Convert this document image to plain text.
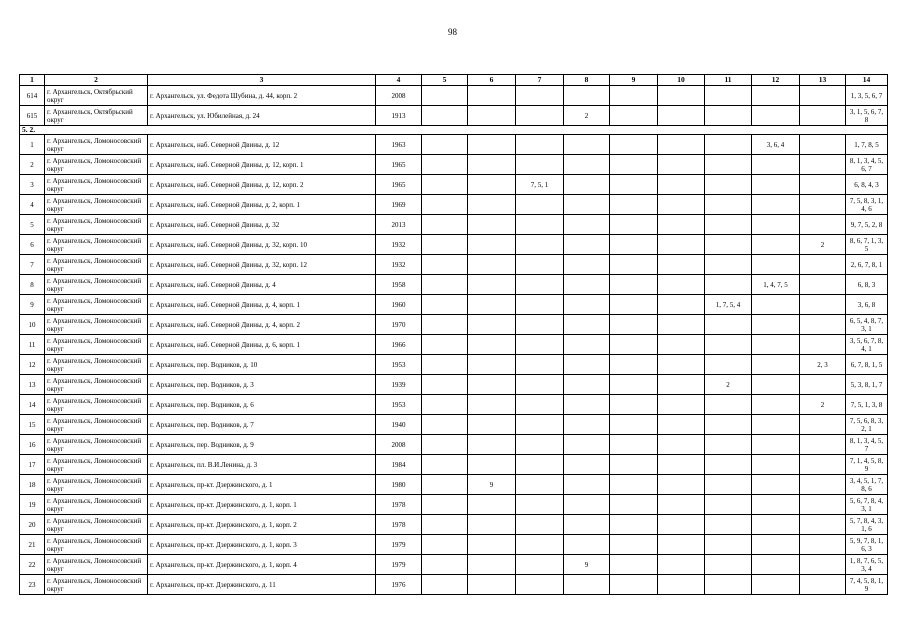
98
1	2	3	4	5	6	7	8	9	10	11	12	13	14
614	г. Архангельск, Октябрьский округ	г. Архангельск, ул. Федота Шубина, д. 44, корп. 2	2008										1, 3, 5, 6, 7
615	г. Архангельск, Октябрьский округ	г. Архангельск, ул. Юбилейная, д. 24	1913				2						3, 1, 5, 6, 7, 8
5. 2.													
1	г. Архангельск, Ломоносовский округ	г. Архангельск, наб. Северной Двины, д. 12	1963								3, 6, 4		1, 7, 8, 5
2	г. Архангельск, Ломоносовский округ	г. Архангельск, наб. Северной Двины, д. 12, корп. 1	1965										8, 1, 3, 4, 5, 6, 7
3	г. Архангельск, Ломоносовский округ	г. Архангельск, наб. Северной Двины, д. 12, корп. 2	1965			7, 5, 1							6, 8, 4, 3
4	г. Архангельск, Ломоносовский округ	г. Архангельск, наб. Северной Двины, д. 2, корп. 1	1969										7, 5, 8, 3, 1, 4, 6
5	г. Архангельск, Ломоносовский округ	г. Архангельск, наб. Северной Двины, д. 32	2013										9, 7, 5, 2, 8
6	г. Архангельск, Ломоносовский округ	г. Архангельск, наб. Северной Двины, д. 32, корп. 10	1932									2	8, 6, 7, 1, 3, 5
7	г. Архангельск, Ломоносовский округ	г. Архангельск, наб. Северной Двины, д. 32, корп. 12	1932										2, 6, 7, 8, 1
8	г. Архангельск, Ломоносовский округ	г. Архангельск, наб. Северной Двины, д. 4	1958								1, 4, 7, 5		6, 8, 3
9	г. Архангельск, Ломоносовский округ	г. Архангельск, наб. Северной Двины, д. 4, корп. 1	1960							1, 7, 5, 4			3, 6, 8
10	г. Архангельск, Ломоносовский округ	г. Архангельск, наб. Северной Двины, д. 4, корп. 2	1970										6, 5, 4, 8, 7, 3, 1
11	г. Архангельск, Ломоносовский округ	г. Архангельск, наб. Северной Двины, д. 6, корп. 1	1966										3, 5, 6, 7, 8, 4, 1
12	г. Архангельск, Ломоносовский округ	г. Архангельск, пер. Водников, д. 10	1953									2, 3	6, 7, 8, 1, 5
13	г. Архангельск, Ломоносовский округ	г. Архангельск, пер. Водников, д. 3	1939							2			5, 3, 8, 1, 7
14	г. Архангельск, Ломоносовский округ	г. Архангельск, пер. Водников, д. 6	1953									2	7, 5, 1, 3, 8
15	г. Архангельск, Ломоносовский округ	г. Архангельск, пер. Водников, д. 7	1940										7, 5, 6, 8, 3, 2, 1
16	г. Архангельск, Ломоносовский округ	г. Архангельск, пер. Водников, д. 9	2008										8, 1, 3, 4, 5, 7
17	г. Архангельск, Ломоносовский округ	г. Архангельск, пл. В.И.Ленина, д. 3	1984										7, 1, 4, 5, 8, 9
18	г. Архангельск, Ломоносовский округ	г. Архангельск, пр-кт. Дзержинского, д. 1	1980		9								3, 4, 5, 1, 7, 8, 6
19	г. Архангельск, Ломоносовский округ	г. Архангельск, пр-кт. Дзержинского, д. 1, корп. 1	1978										5, 6, 7, 8, 4, 3, 1
20	г. Архангельск, Ломоносовский округ	г. Архангельск, пр-кт. Дзержинского, д. 1, корп. 2	1978										5, 7, 8, 4, 3, 1, 6
21	г. Архангельск, Ломоносовский округ	г. Архангельск, пр-кт. Дзержинского, д. 1, корп. 3	1979										5, 9, 7, 8, 1, 6, 3
22	г. Архангельск, Ломоносовский округ	г. Архангельск, пр-кт. Дзержинского, д. 1, корп. 4	1979				9						1, 8, 7, 6, 5, 3, 4
23	г. Архангельск, Ломоносовский округ	г. Архангельск, пр-кт. Дзержинского, д. 11	1976										7, 4, 5, 8, 1, 9
